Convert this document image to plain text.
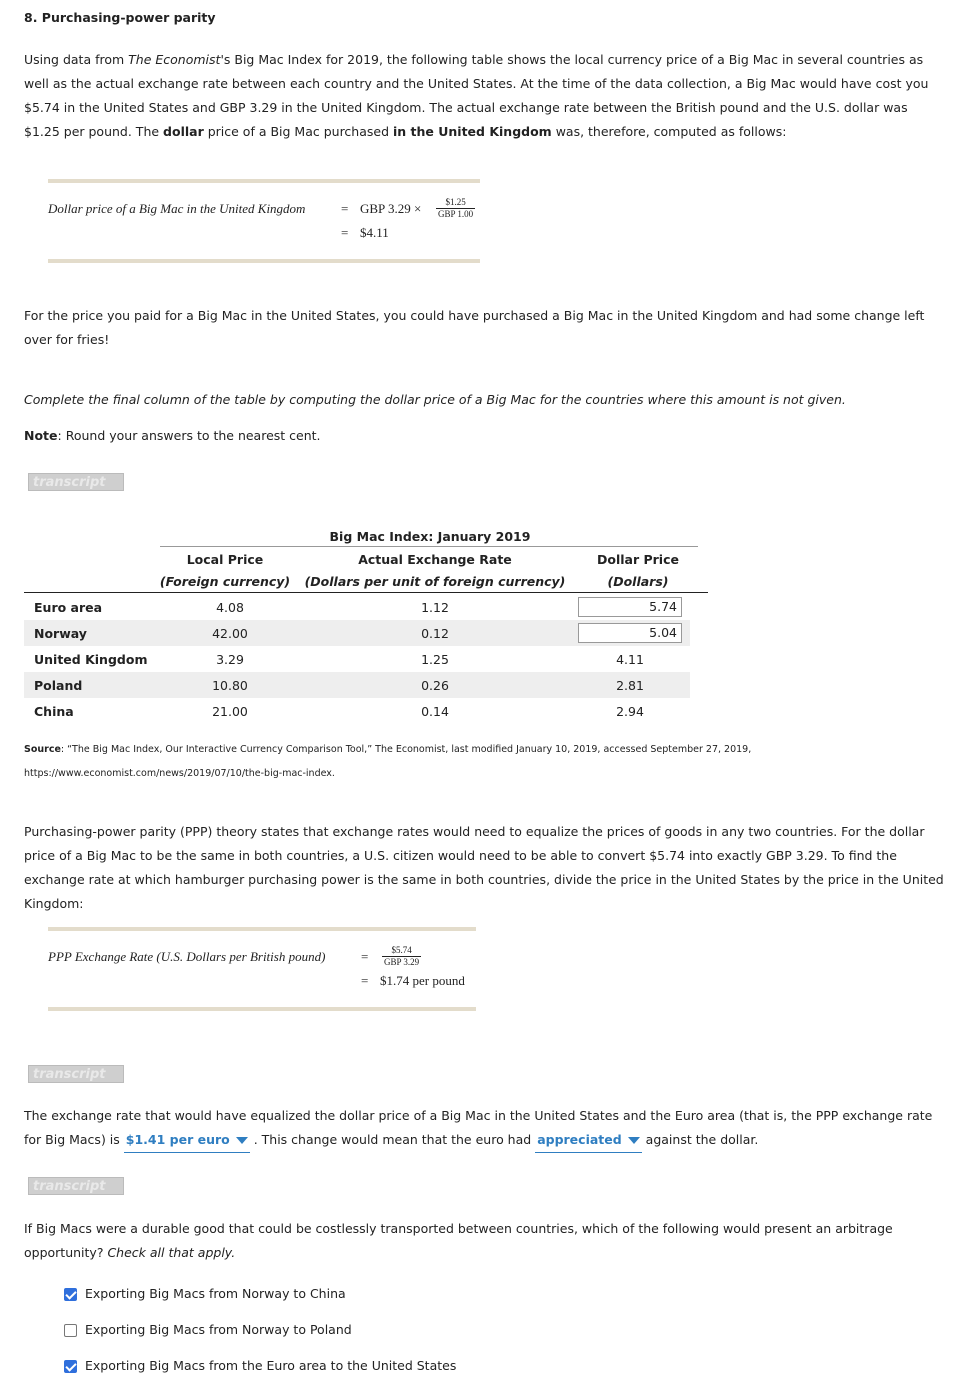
8. Purchasing-power parity
Using data from The Economist's Big Mac Index for 2019, the following table shows the local currency price of a Big Mac in several countries as well as the actual exchange rate between each country and the United States. At the time of the data collection, a Big Mac would have cost you $5.74 in the United States and GBP 3.29 in the United Kingdom. The actual exchange rate between the British pound and the U.S. dollar was $1.25 per pound. The dollar price of a Big Mac purchased in the United Kingdom was, therefore, computed as follows:
Dollar price of a Big Mac in the United Kingdom	= GBP 3.29 ×	$1.25
GBP 1.00
= $4.11
For the price you paid for a Big Mac in the United States, you could have purchased a Big Mac in the United Kingdom and had some change left over for fries!
Complete the final column of the table by computing the dollar price of a Big Mac for the countries where this amount is not given.
Note: Round your answers to the nearest cent.
transcript
Big Mac Index: January 2019
Local Price
(Foreign currency)
Actual Exchange Rate
(Dollars per unit of foreign currency)
Dollar Price
(Dollars)
Euro area	4.08	1.12	5.74

Norway	42.00	0.12	5.04

United Kingdom	3.29	1.25	4.11
Poland	10.80	0.26	2.81
China	21.00	0.14	2.94
Source: “The Big Mac Index, Our Interactive Currency Comparison Tool,” The Economist, last modified January 10, 2019, accessed September 27, 2019,
https://www.economist.com/news/2019/07/10/the-big-mac-index.
Purchasing-power parity (PPP) theory states that exchange rates would need to equalize the prices of goods in any two countries. For the dollar price of a Big Mac to be the same in both countries, a U.S. citizen would need to be able to convert $5.74 into exactly GBP 3.29. To find the exchange rate at which hamburger purchasing power is the same in both countries, divide the price in the United States by the price in the United Kingdom:
PPP Exchange Rate (U.S. Dollars per British pound)	=	$5.74
GBP 3.29
= $1.74 per pound
transcript
The exchange rate that would have equalized the dollar price of a Big Mac in the United States and the Euro area (that is, the PPP exchange rate for Big Macs) is $1.41 per euro . This change would mean that the euro had appreciated against the dollar.
transcript
If Big Macs were a durable good that could be costlessly transported between countries, which of the following would present an arbitrage opportunity? Check all that apply.
Exporting Big Macs from Norway to China
Exporting Big Macs from Norway to Poland
Exporting Big Macs from the Euro area to the United States
